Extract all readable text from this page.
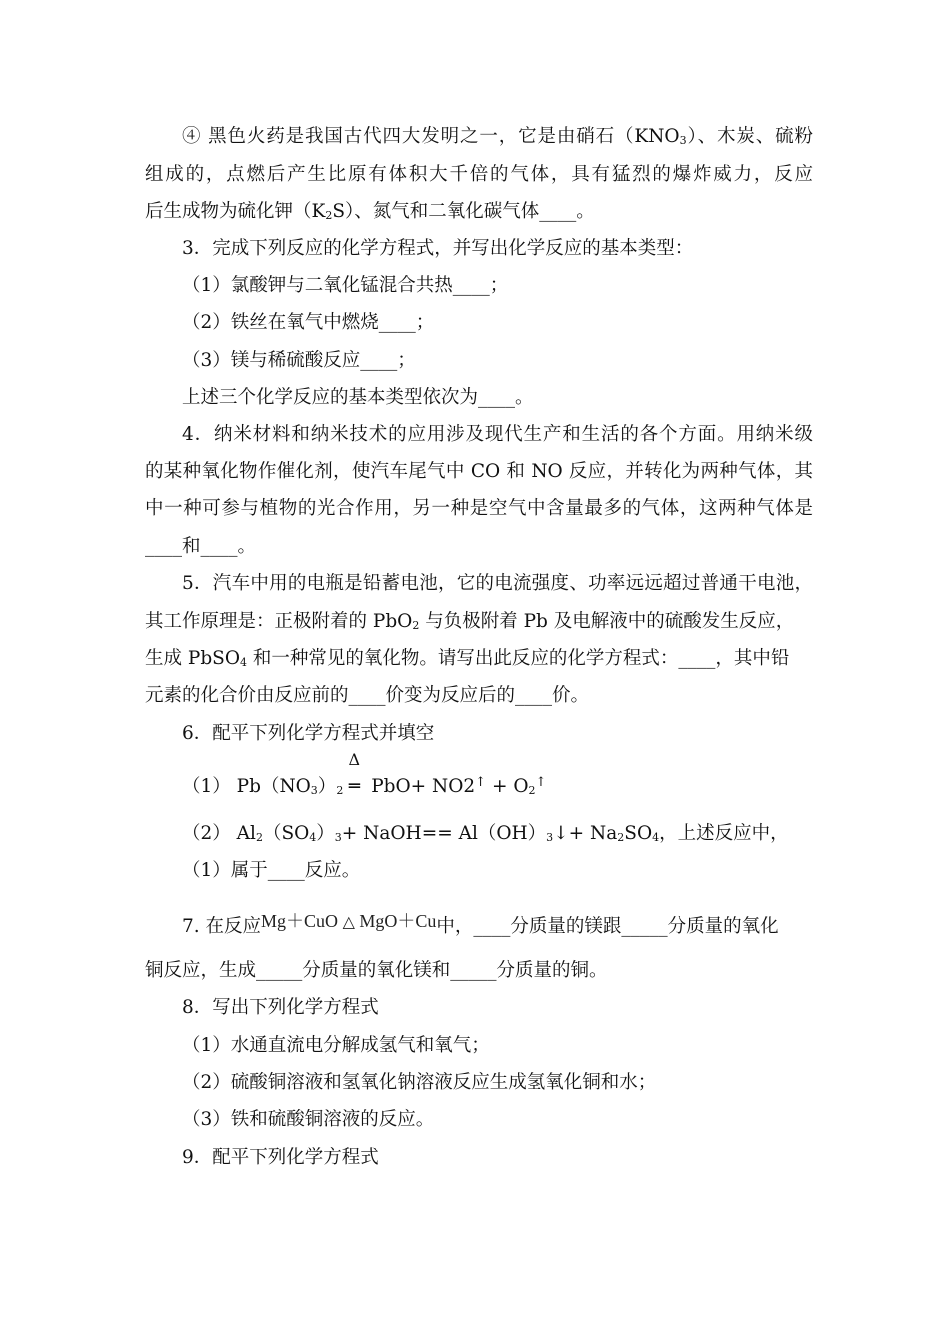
④ 黑色火药是我国古代四大发明之一，它是由硝石$(KNO_3)$、木炭、硫粉
组成的，点燃后产生比原有体积大千倍的气体，具有猛烈的爆炸威力，反应
后生成物为硫化钾$(K_2S)$、氮气和二氧化碳气体____。
3．完成下列反应的化学方程式，并写出化学反应的基本类型：
（1）氯酸钾与二氧化锰混合共热____；
（2）铁丝在氧气中燃烧____；
（3）镁与稀硫酸反应____；
上述三个化学反应的基本类型依次为____。
4．纳米材料和纳米技术的应用涉及现代生产和生活的各个方面。用纳米级
的某种氧化物作催化剂，使汽车尾气中 CO 和 NO 反应，并转化为两种气体，其
中一种可参与植物的光合作用，另一种是空气中含量最多的气体，这两种气体是
____和____。
5．汽车中用的电瓶是铅蓄电池，它的电流强度、功率远远超过普通干电池，
其工作原理是：正极附着的 PbO$_2$ 与负极附着 Pb 及电解液中的硫酸发生反应，
生成 PbSO$_4$ 和一种常见的氧化物。请写出此反应的化学方程式：____，其中铅
元素的化合价由反应前的____价变为反应后的____价。
6．配平下列化学方程式并填空
（1） $Pb(NO_3)_2$
Δ
═ $PbO+ NO2^↑ + O_2^↑$
（2） $Al_2(SO_4)_3+$ NaOH== $Al(OH)_3↓+ Na_2SO_4$，上述反应中，
（1）属于____反应。
7. 在反应Mg＋CuO △ MgO＋Cu中，____分质量的镁跟_____分质量的氧化
铜反应，生成_____分质量的氧化镁和_____分质量的铜。
8．写出下列化学方程式
（1）水通直流电分解成氢气和氧气；
（2）硫酸铜溶液和氢氧化钠溶液反应生成氢氧化铜和水；
（3）铁和硫酸铜溶液的反应。
9．配平下列化学方程式
